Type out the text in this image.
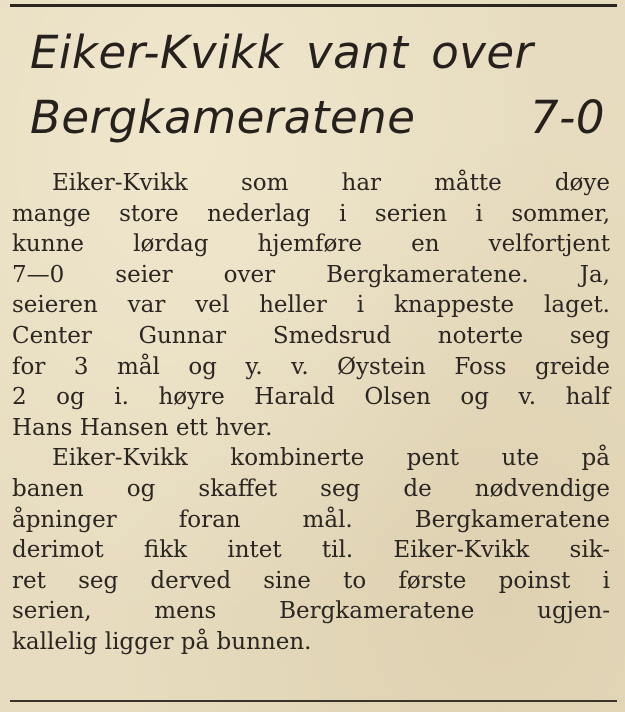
Eiker-Kvikk vant over
Bergkameratene	7-0
Eiker-Kvikk som har måtte døye
mange store nederlag i serien i sommer,
kunne lørdag hjemføre en velfortjent
7—0 seier over Bergkameratene. Ja,
seieren var vel heller i knappeste laget.
Center Gunnar Smedsrud noterte seg
for 3 mål og y. v. Øystein Foss greide
2 og i. høyre Harald Olsen og v. half
Hans Hansen ett hver.
Eiker-Kvikk kombinerte pent ute på
banen og skaffet seg de nødvendige
åpninger foran mål. Bergkameratene
derimot fikk intet til. Eiker-Kvikk sik-
ret seg derved sine to første poinst i
serien, mens Bergkameratene ugjen-
kallelig ligger på bunnen.
